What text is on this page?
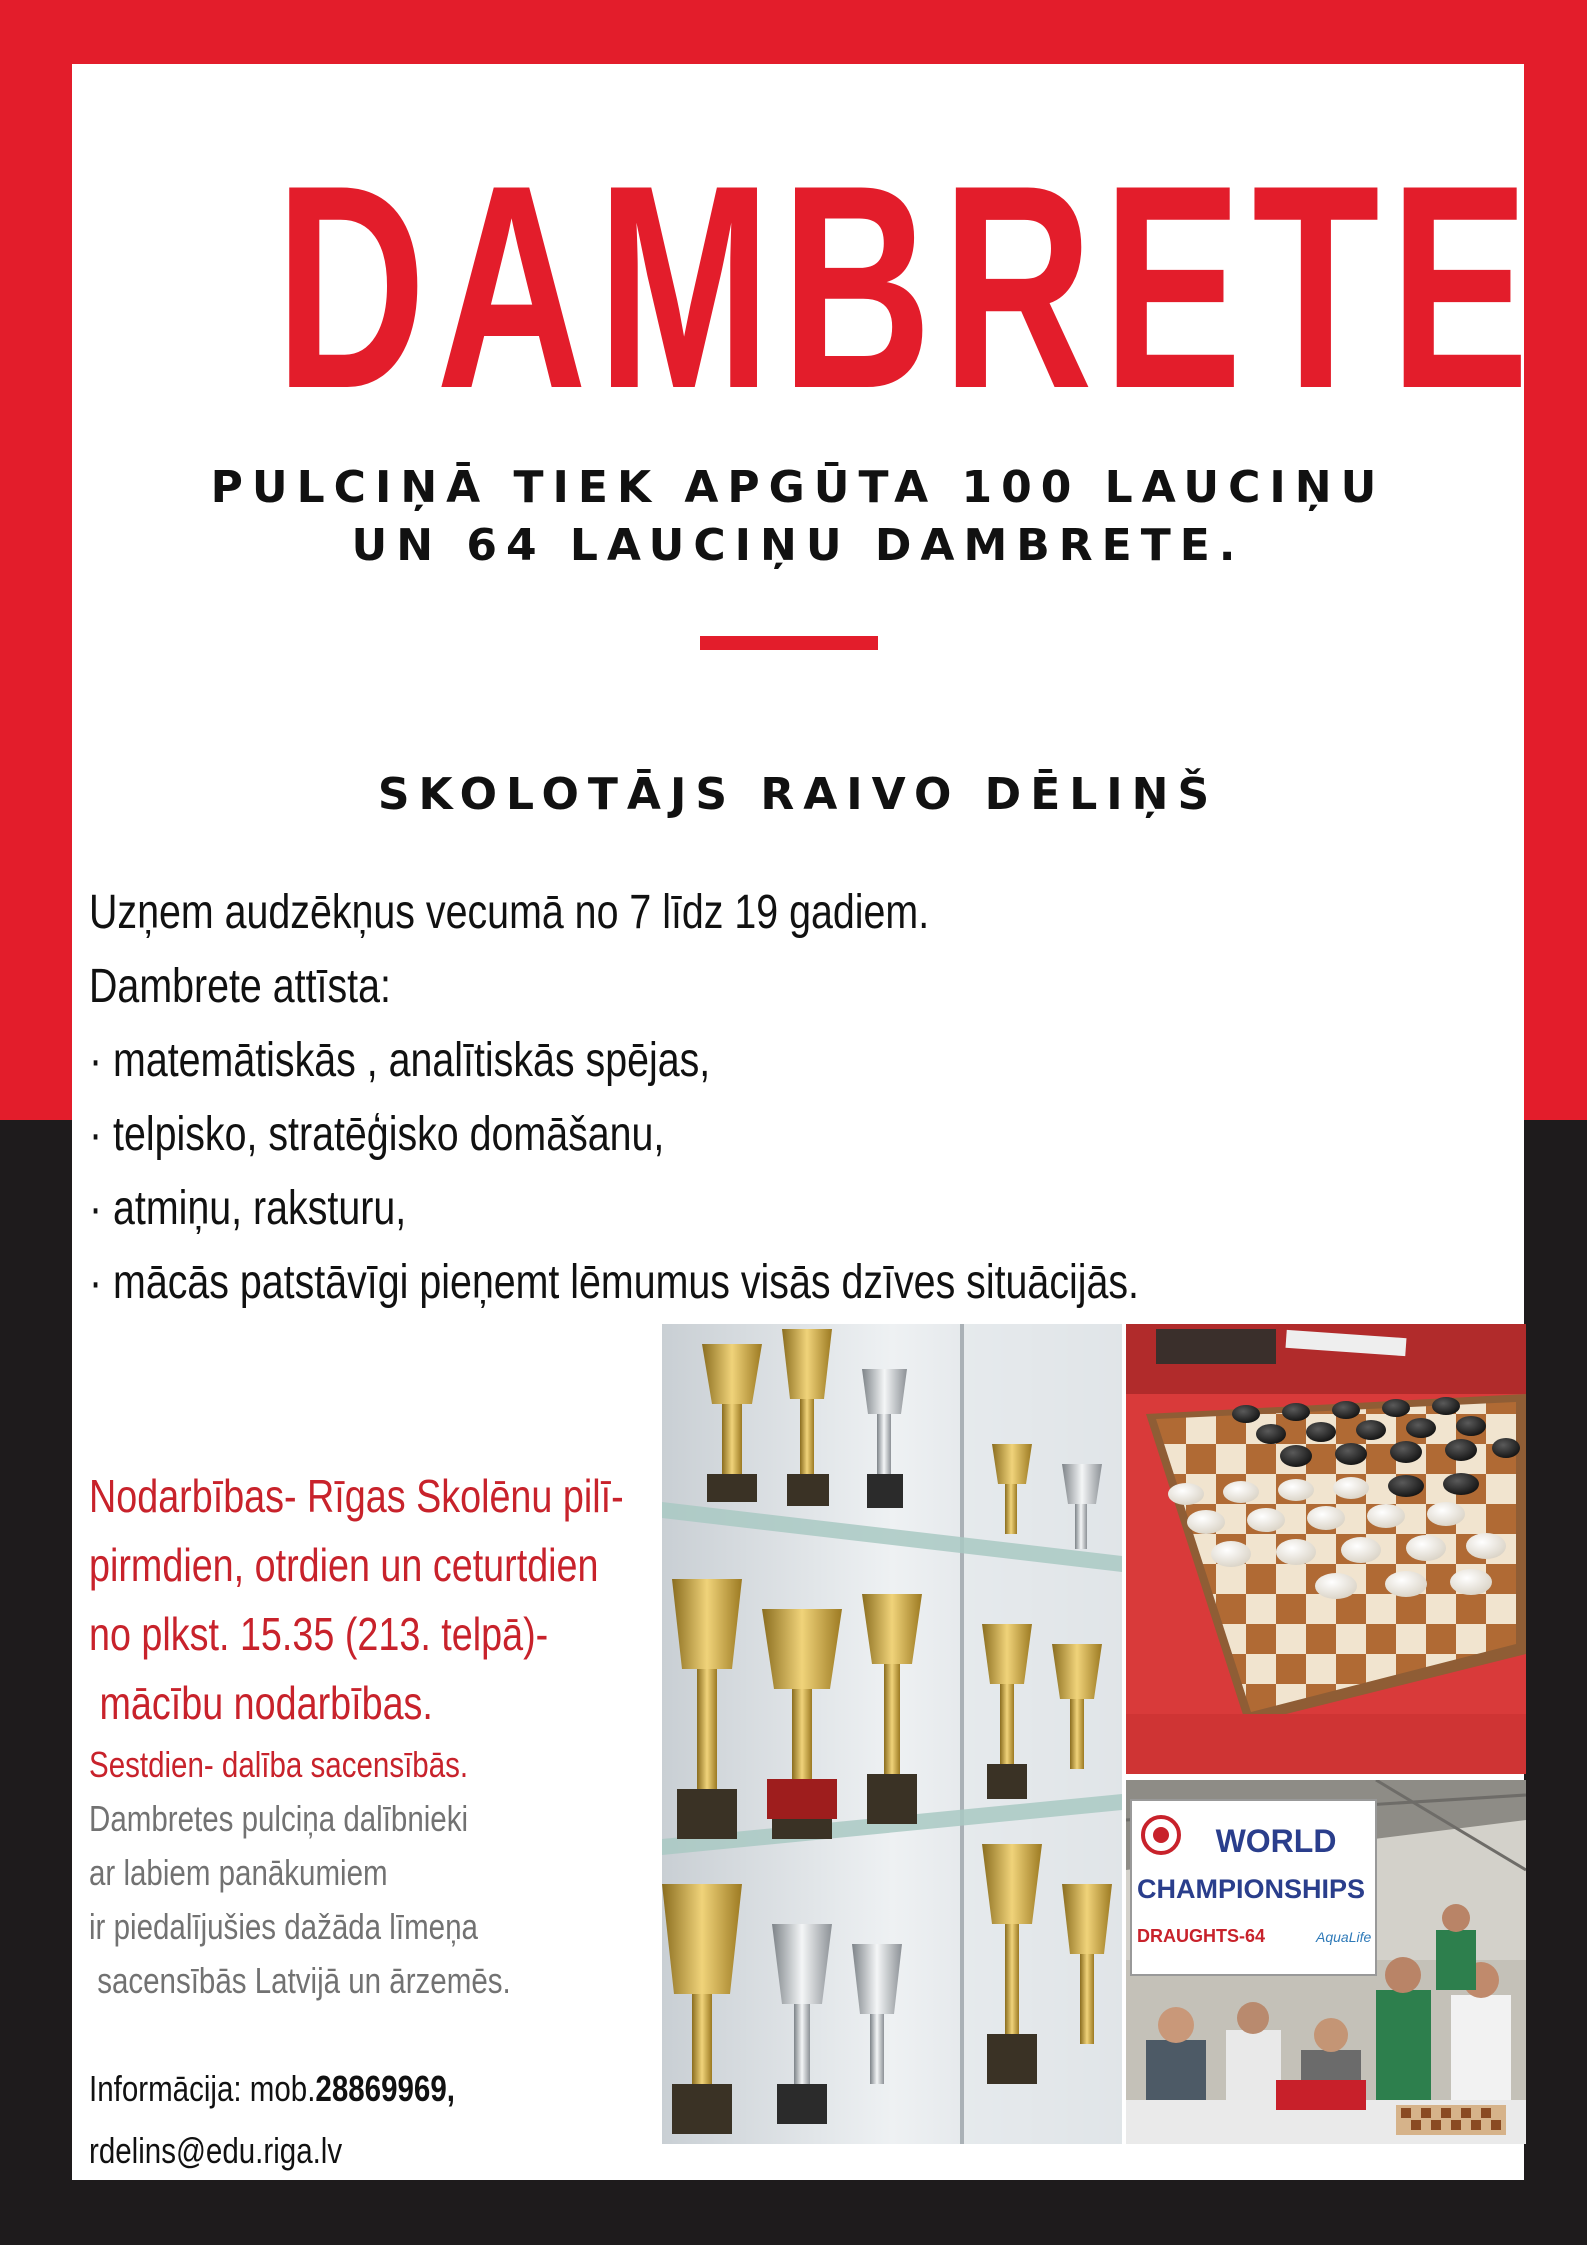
DAMBRETE
PULCIŅĀ TIEK APGŪTA 100 LAUCIŅU
UN 64 LAUCIŅU DAMBRETE.
SKOLOTĀJS RAIVO DĒLIŅŠ
Uzņem audzēkņus vecumā no 7 līdz 19 gadiem.
Dambrete attīsta:
· matemātiskās , analītiskās spējas,
· telpisko, stratēģisko domāšanu,
· atmiņu, raksturu,
· mācās patstāvīgi pieņemt lēmumus visās dzīves situācijās.
Nodarbības- Rīgas Skolēnu pilī-
pirmdien, otrdien un ceturtdien
no plkst. 15.35 (213. telpā)-
mācību nodarbības.
Sestdien- dalība sacensībās.
Dambretes pulciņa dalībnieki
ar labiem panākumiem
ir piedalījušies dažāda līmeņa
sacensībās Latvijā un ārzemēs.
Informācija: mob.28869969,
rdelins@edu.riga.lv
WORLD
CHAMPIONSHIPS
DRAUGHTS-64	AquaLife
